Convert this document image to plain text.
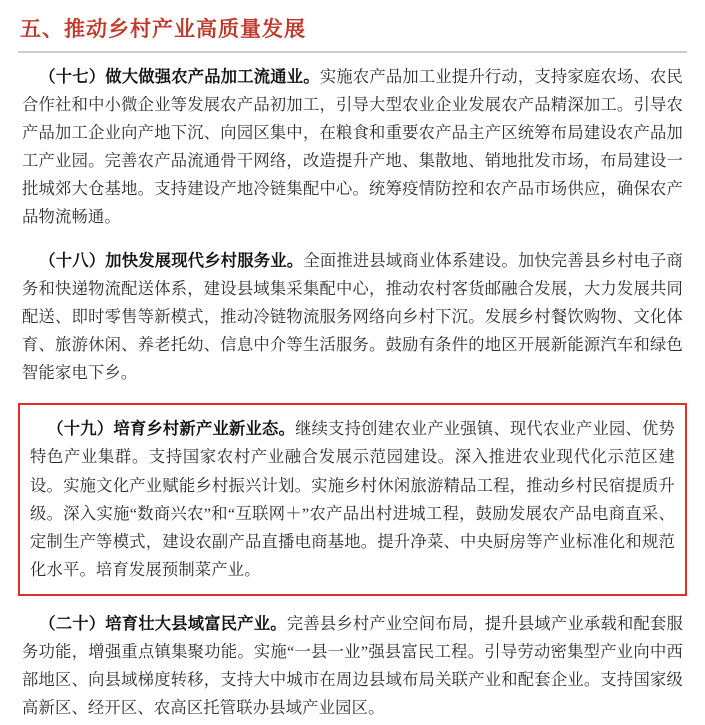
五、推动乡村产业高质量发展

（十七）做大做强农产品加工流通业。实施农产品加工业提升行动，支持家庭农场、农民合作社和中小微企业等发展农产品初加工，引导大型农业企业发展农产品精深加工。引导农产品加工企业向产地下沉、向园区集中，在粮食和重要农产品主产区统筹布局建设农产品加工产业园。完善农产品流通骨干网络，改造提升产地、集散地、销地批发市场，布局建设一批城郊大仓基地。支持建设产地冷链集配中心。统筹疫情防控和农产品市场供应，确保农产品物流畅通。

（十八）加快发展现代乡村服务业。全面推进县域商业体系建设。加快完善县乡村电子商务和快递物流配送体系，建设县域集采集配中心，推动农村客货邮融合发展，大力发展共同配送、即时零售等新模式，推动冷链物流服务网络向乡村下沉。发展乡村餐饮购物、文化体育、旅游休闲、养老托幼、信息中介等生活服务。鼓励有条件的地区开展新能源汽车和绿色智能家电下乡。

（十九）培育乡村新产业新业态。继续支持创建农业产业强镇、现代农业产业园、优势特色产业集群。支持国家农村产业融合发展示范园建设。深入推进农业现代化示范区建设。实施文化产业赋能乡村振兴计划。实施乡村休闲旅游精品工程，推动乡村民宿提质升级。深入实施“数商兴农”和“互联网＋”农产品出村进城工程，鼓励发展农产品电商直采、定制生产等模式，建设农副产品直播电商基地。提升净菜、中央厨房等产业标准化和规范化水平。培育发展预制菜产业。

（二十）培育壮大县域富民产业。完善县乡村产业空间布局，提升县域产业承载和配套服务功能，增强重点镇集聚功能。实施“一县一业”强县富民工程。引导劳动密集型产业向中西部地区、向县域梯度转移，支持大中城市在周边县域布局关联产业和配套企业。支持国家级高新区、经开区、农高区托管联办县域产业园区。
